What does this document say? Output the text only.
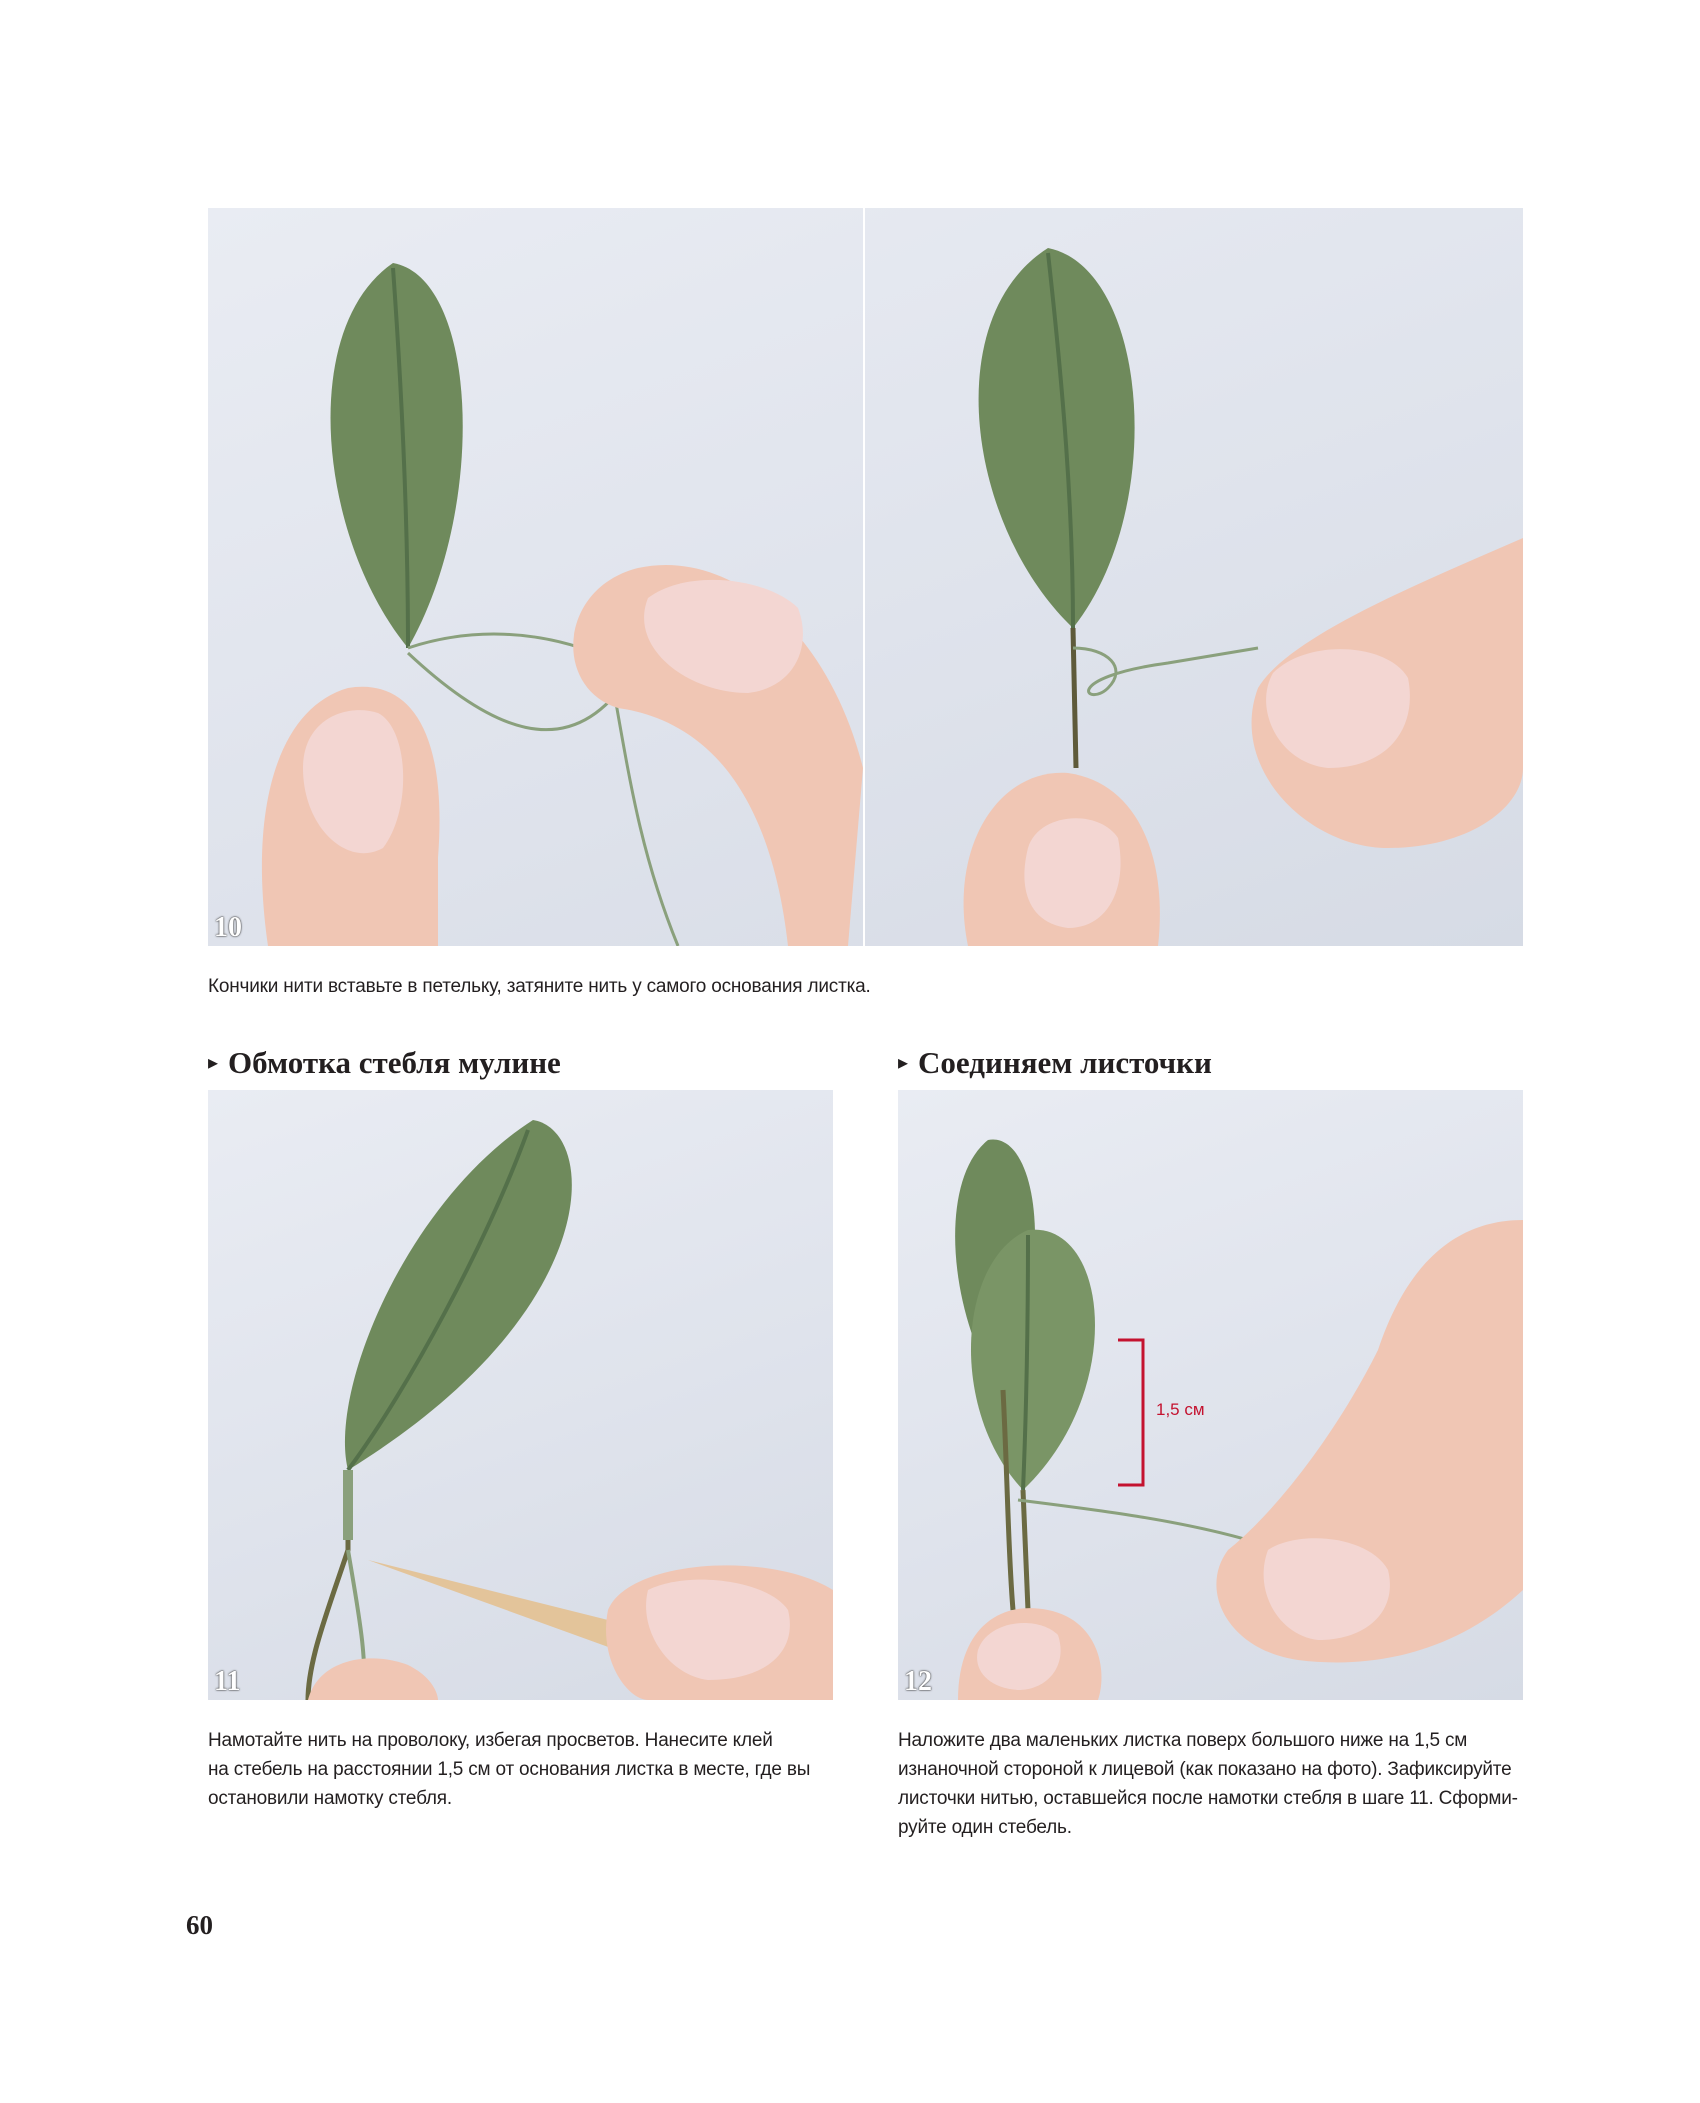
10
Кончики нити вставьте в петельку, затяните нить у самого основания листка.
▸ Обмотка стебля мулине	▸ Соединяем листочки
11
1,5 см
12
Намотайте нить на проволоку, избегая просветов. Нанесите клей
на стебель на расстоянии 1,5 см от основания листка в месте, где вы
остановили намотку стебля.
Наложите два маленьких листка поверх большого ниже на 1,5 см
изнаночной стороной к лицевой (как показано на фото). Зафиксируйте
листочки нитью, оставшейся после намотки стебля в шаге 11. Сформи-
руйте один стебель.
60
